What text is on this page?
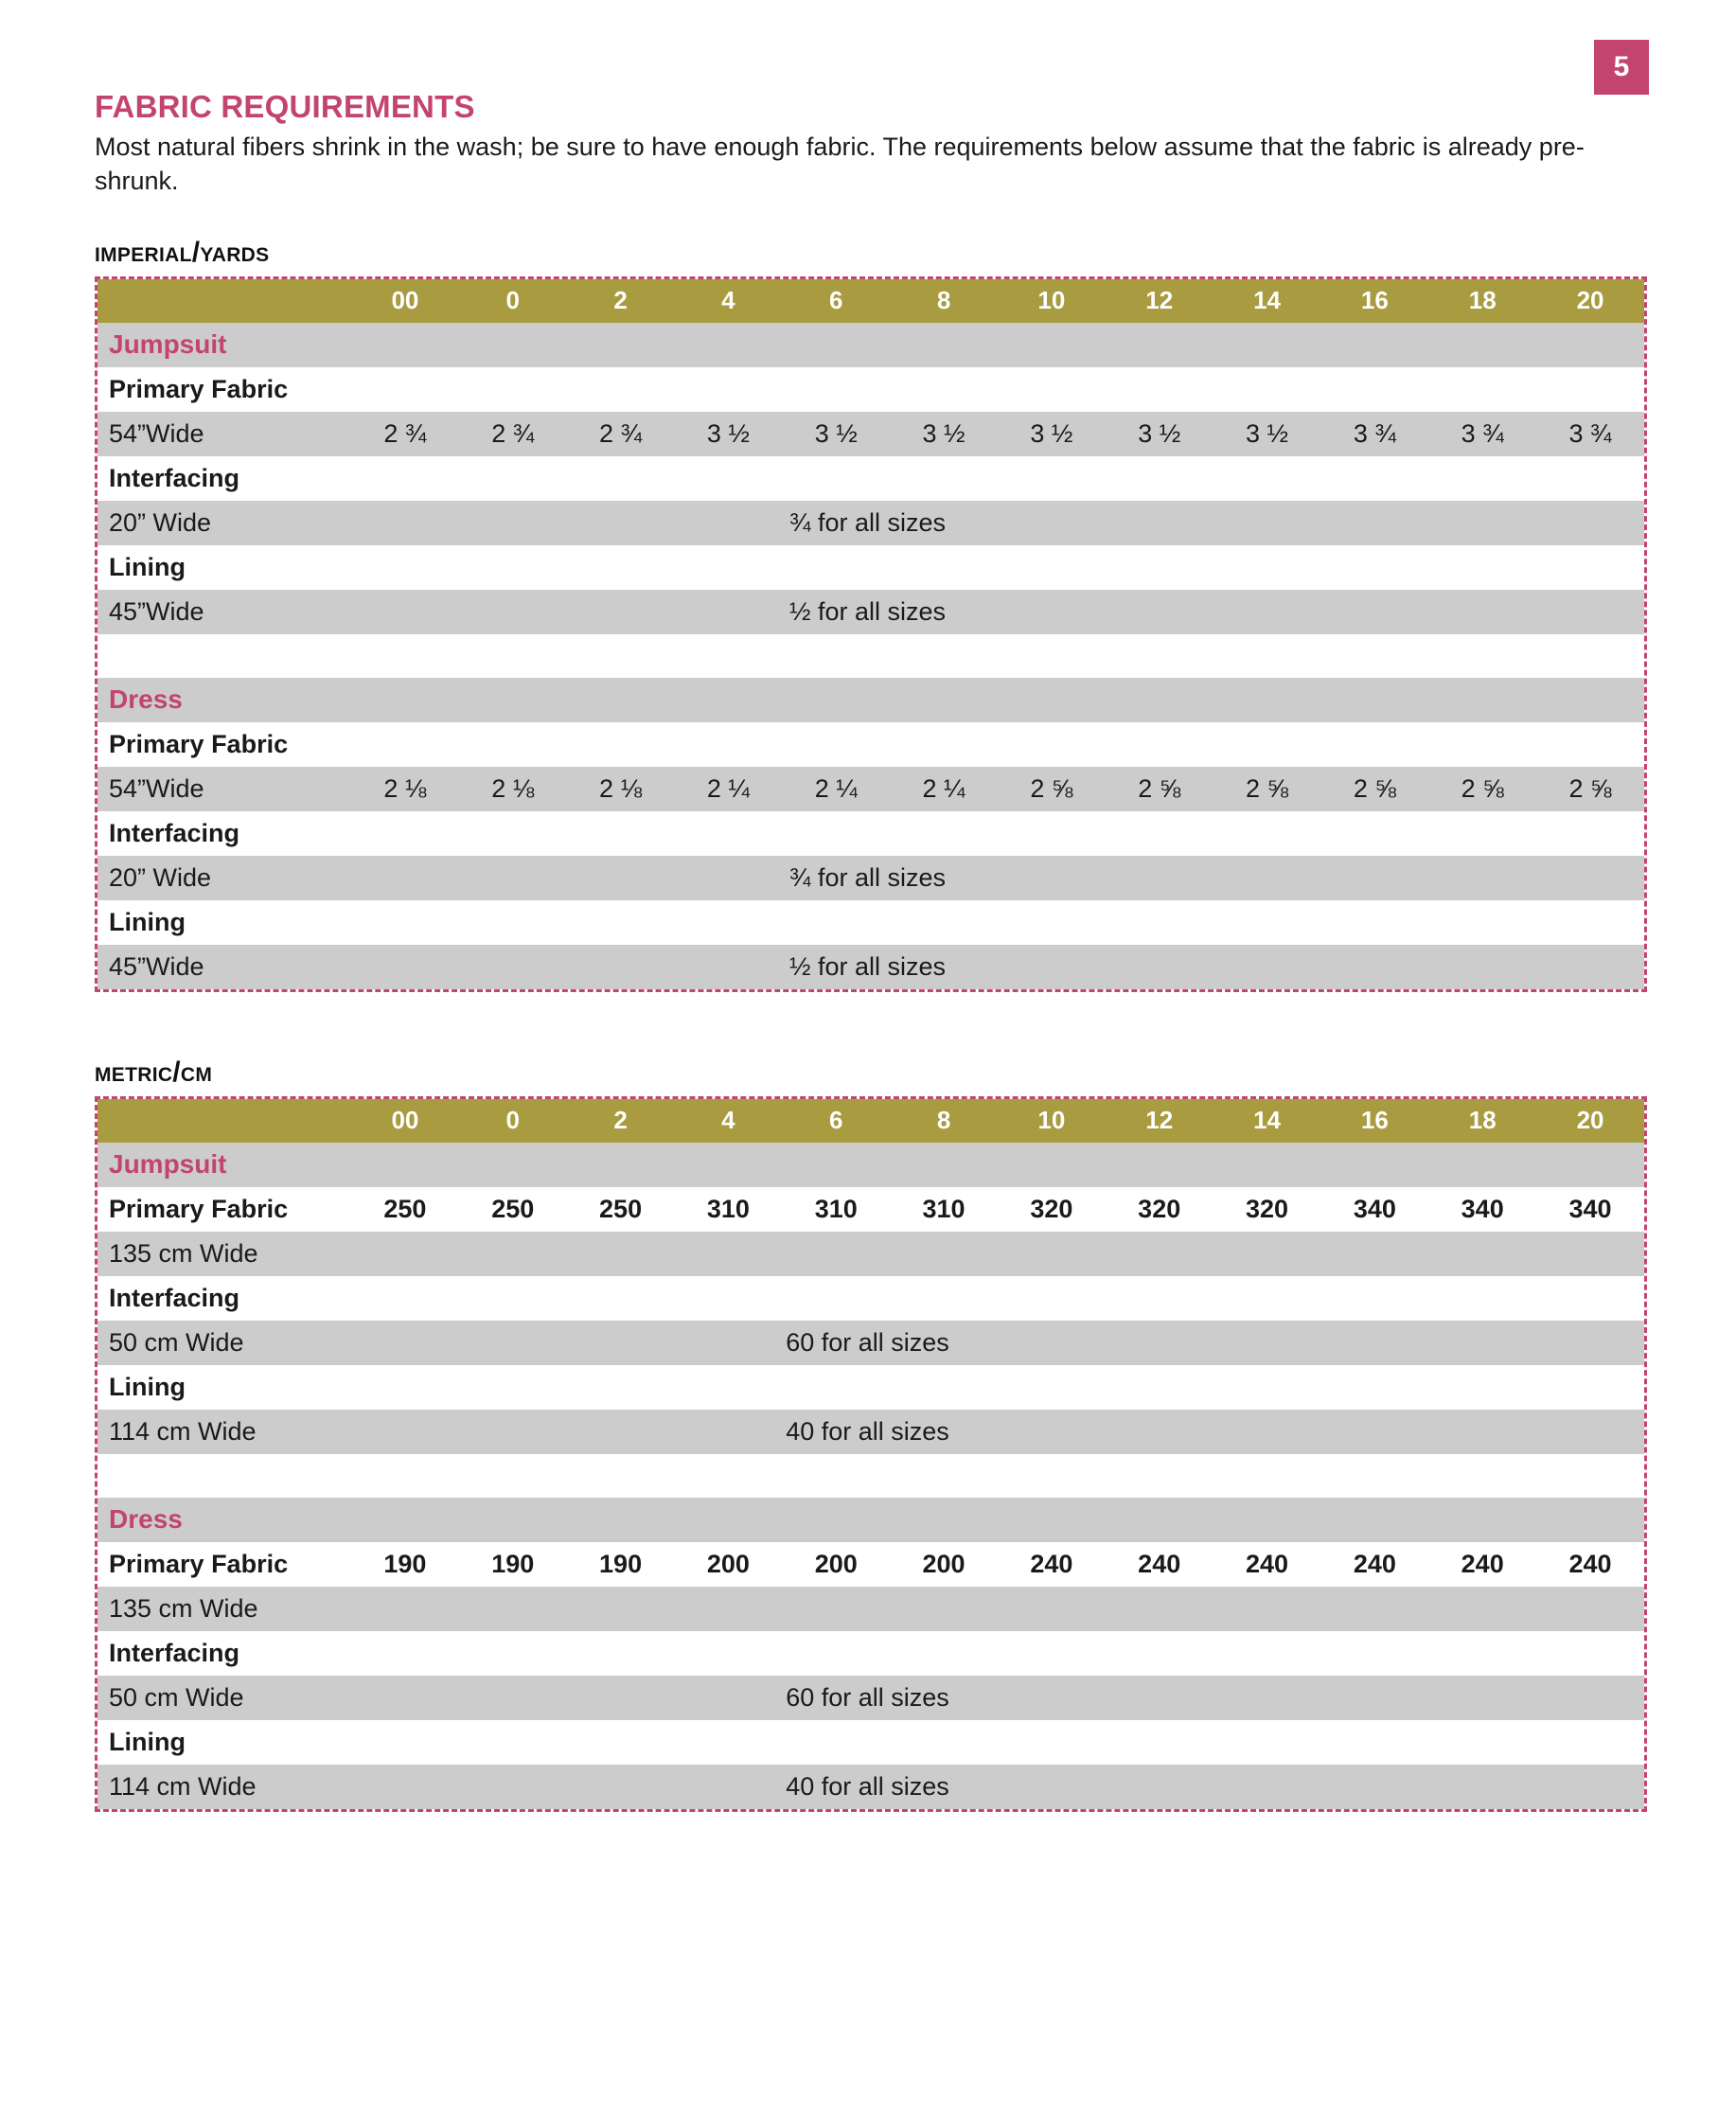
5
FABRIC REQUIREMENTS
Most natural fibers shrink in the wash; be sure to have enough fabric. The requirements below assume that the fabric is already pre-shrunk.
imperial/yards
00	0	2	4	6	8	10	12	14	16	18	20
Jumpsuit
Primary Fabric
54”Wide	2 ¾	2 ¾	2 ¾	3 ½	3 ½	3 ½	3 ½	3 ½	3 ½	3 ¾	3 ¾	3 ¾
Interfacing
20” Wide	¾ for all sizes
Lining
45”Wide	½ for all sizes
Dress
Primary Fabric
54”Wide	2 ⅛	2 ⅛	2 ⅛	2 ¼	2 ¼	2 ¼	2 ⅝	2 ⅝	2 ⅝	2 ⅝	2 ⅝	2 ⅝
Interfacing
20” Wide	¾ for all sizes
Lining
45”Wide	½ for all sizes
metric/cm
00	0	2	4	6	8	10	12	14	16	18	20
Jumpsuit
Primary Fabric	250	250	250	310	310	310	320	320	320	340	340	340
135 cm Wide
Interfacing
50 cm Wide	60 for all sizes
Lining
114 cm Wide	40 for all sizes
Dress
Primary Fabric	190	190	190	200	200	200	240	240	240	240	240	240
135 cm Wide
Interfacing
50 cm Wide	60 for all sizes
Lining
114 cm Wide	40 for all sizes
